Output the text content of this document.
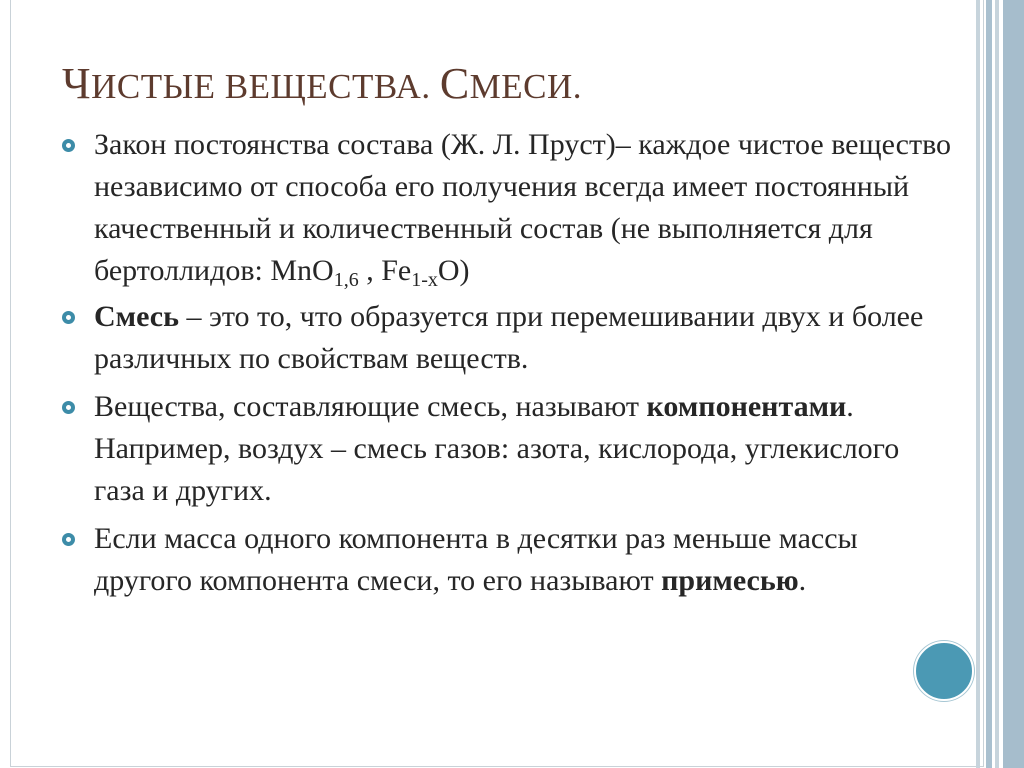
ЧИСТЫЕ ВЕЩЕСТВА. СМЕСИ.
Закон постоянства состава (Ж. Л. Пруст)– каждое чистое вещество независимо от способа его получения всегда имеет постоянный качественный и количественный состав (не выполняется для бертоллидов: MnO$_{1,6}$ , $Fe_{1-x}O$)
Смесь – это то, что образуется при перемешивании двух и более различных по свойствам веществ.
Вещества, составляющие смесь, называют компонентами. Например, воздух – смесь газов: азота, кислорода, углекислого газа и других.
Если масса одного компонента в десятки раз меньше массы другого компонента смеси, то его называют примесью.
